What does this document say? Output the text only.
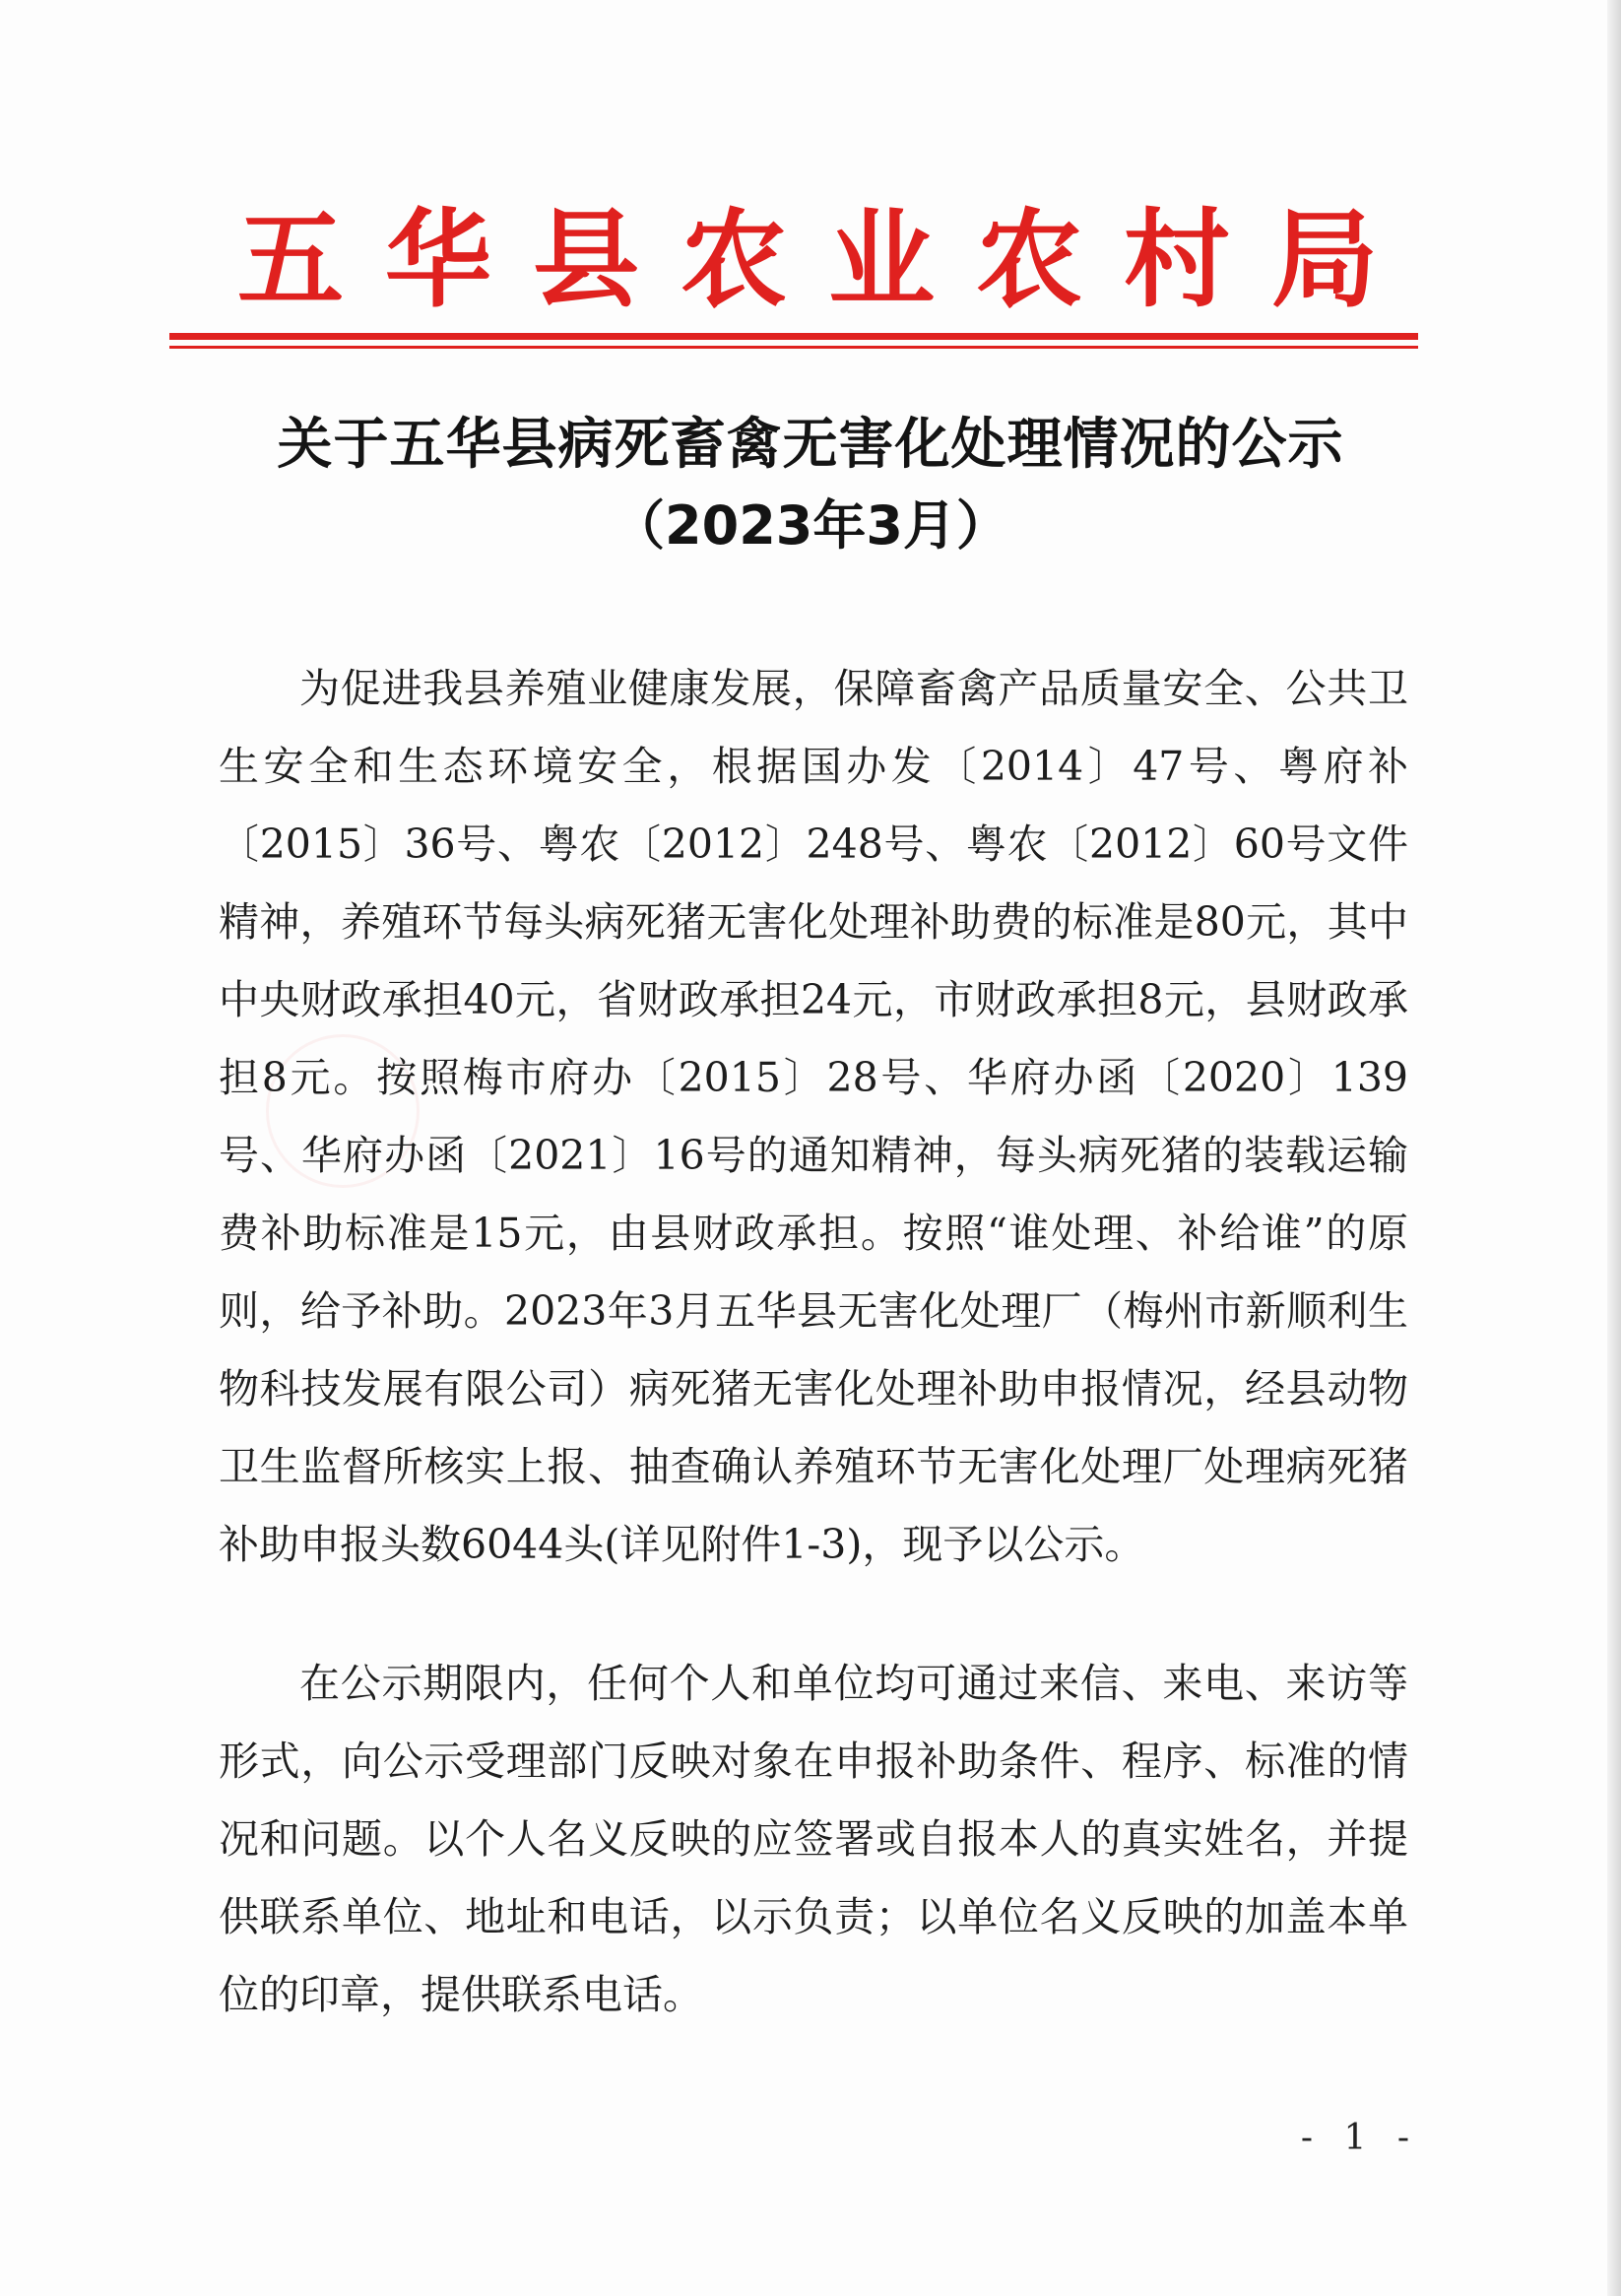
五华县农业农村局
关于五华县病死畜禽无害化处理情况的公示
（2023年3月）

为促进我县养殖业健康发展，保障畜禽产品质量安全、公共卫生安全和生态环境安全，根据国办发〔2014〕47号、粤府补〔2015〕36号、粤农〔2012〕248号、粤农〔2012〕60号文件精神，养殖环节每头病死猪无害化处理补助费的标准是80元，其中中央财政承担40元，省财政承担24元，市财政承担8元，县财政承担8元。按照梅市府办〔2015〕28号、华府办函〔2020〕139号、华府办函〔2021〕16号的通知精神，每头病死猪的装载运输费补助标准是15元，由县财政承担。按照“谁处理、补给谁”的原则，给予补助。2023年3月五华县无害化处理厂（梅州市新顺利生物科技发展有限公司）病死猪无害化处理补助申报情况，经县动物卫生监督所核实上报、抽查确认养殖环节无害化处理厂处理病死猪补助申报头数6044头(详见附件1-3)，现予以公示。

在公示期限内，任何个人和单位均可通过来信、来电、来访等形式，向公示受理部门反映对象在申报补助条件、程序、标准的情况和问题。以个人名义反映的应签署或自报本人的真实姓名，并提供联系单位、地址和电话，以示负责；以单位名义反映的加盖本单位的印章，提供联系电话。

- 1 -
